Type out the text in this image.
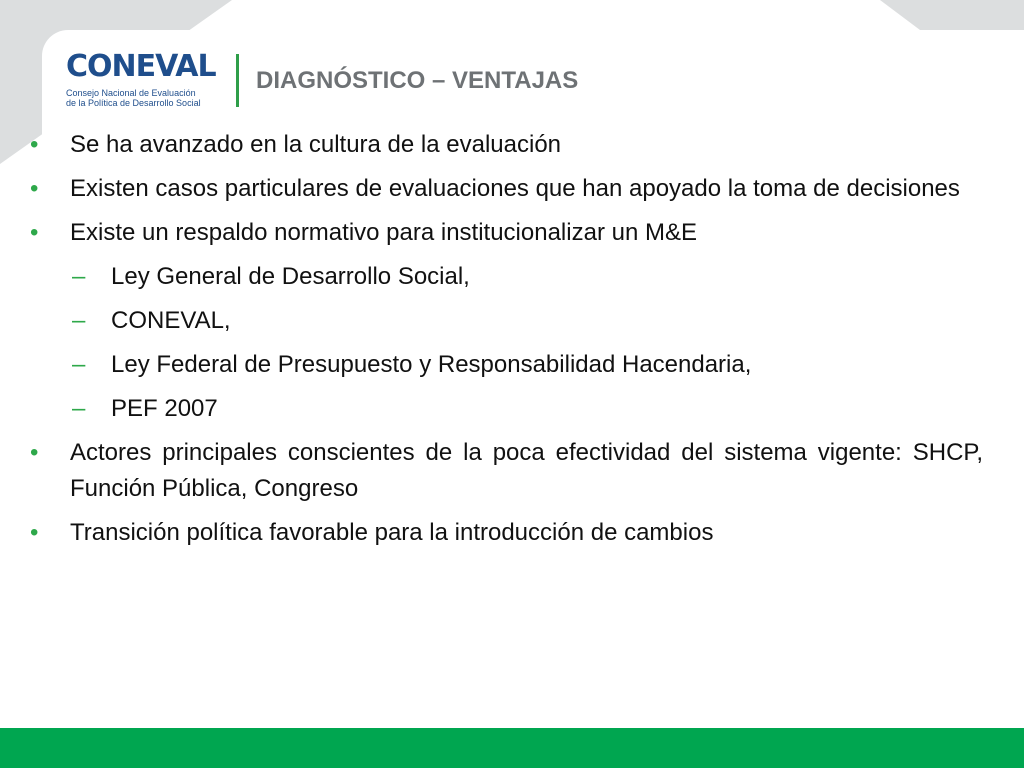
CONEVAL
Consejo Nacional de Evaluación
de la Política de Desarrollo Social
DIAGNÓSTICO – VENTAJAS
• Se ha avanzado en la cultura de la evaluación
• Existen casos particulares de evaluaciones que han apoyado la toma de decisiones
• Existe un respaldo normativo para institucionalizar un M&E
– Ley General de Desarrollo Social,
– CONEVAL,
– Ley Federal de Presupuesto y Responsabilidad Hacendaria,
– PEF 2007
• Actores principales conscientes de la poca efectividad del sistema vigente: SHCP, Función Pública, Congreso
• Transición política favorable para la introducción de cambios
